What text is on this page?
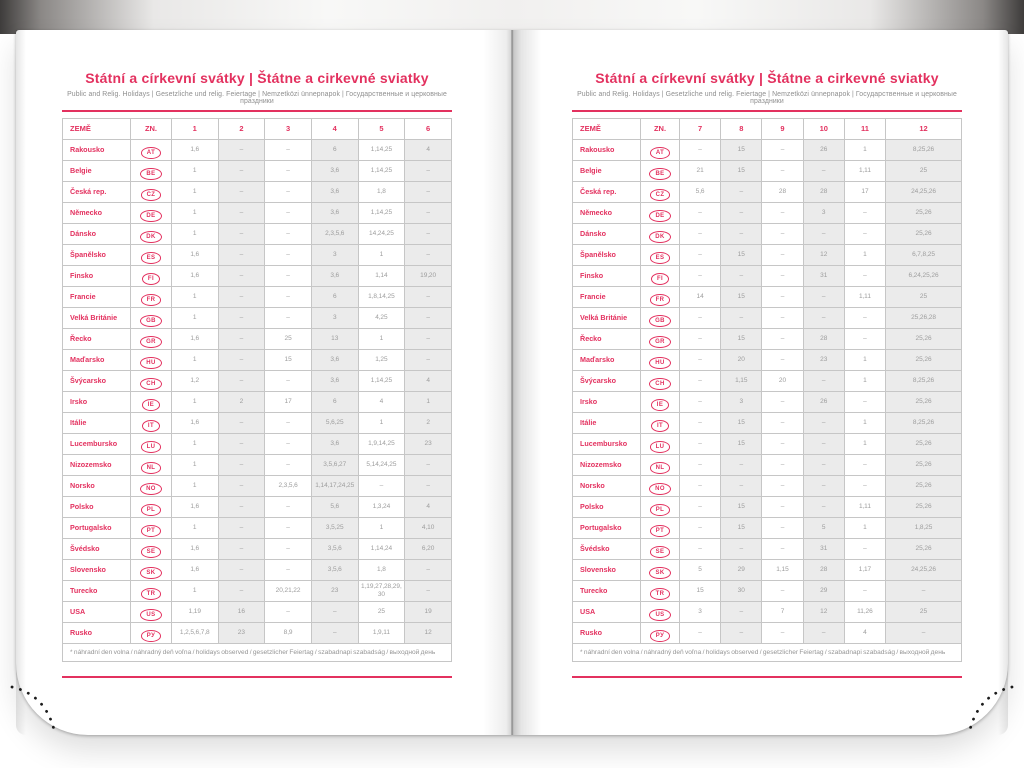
Státní a církevní svátky | Štátne a cirkevné sviatky
Public and Relig. Holidays | Gesetzliche und relig. Feiertage | Nemzetközi ünnepnapok | Государственные и церковные праздники
ZEMĚ	ZN.	1	2	3	4	5	6
Rakousko	AT	1, 6	–	–	6	1, 14, 25	4
Belgie	BE	1	–	–	3, 6	1, 14, 25	–
Česká rep.	CZ	1	–	–	3, 6	1, 8	–
Německo	DE	1	–	–	3, 6	1, 14, 25	–
Dánsko	DK	1	–	–	2, 3, 5, 6	14, 24, 25	–
Španělsko	ES	1, 6	–	–	3	1	–
Finsko	FI	1, 6	–	–	3, 6	1, 14	19, 20
Francie	FR	1	–	–	6	1, 8, 14, 25	–
Velká Británie	GB	1	–	–	3	4, 25	–
Řecko	GR	1, 6	–	25	13	1	–
Maďarsko	HU	1	–	15	3, 6	1, 25	–
Švýcarsko	CH	1, 2	–	–	3, 6	1, 14, 25	4
Irsko	IE	1	2	17	6	4	1
Itálie	IT	1, 6	–	–	5, 6, 25	1	2
Lucembursko	LU	1	–	–	3, 6	1, 9, 14, 25	23
Nizozemsko	NL	1	–	–	3, 5, 6, 27	5, 14, 24, 25	–
Norsko	NO	1	–	2, 3, 5, 6	1, 14, 17, 24, 25	–	–
Polsko	PL	1, 6	–	–	5, 6	1, 3, 24	4
Portugalsko	PT	1	–	–	3, 5, 25	1	4, 10
Švédsko	SE	1, 6	–	–	3, 5, 6	1, 14, 24	6, 20
Slovensko	SK	1, 6	–	–	3, 5, 6	1, 8	–
Turecko	TR	1	–	20, 21, 22	23	1, 19, 27, 28, 29, 30	–
USA	US	1, 19	16	–	–	25	19
Rusko	РУ	1, 2, 5, 6, 7, 8	23	8, 9	–	1, 9, 11	12
* náhradní den volna / náhradný deň voľna / holidays observed / gesetzlicher Feiertag / szabadnapi szabadság / выходной день							
Státní a církevní svátky | Štátne a cirkevné sviatky
Public and Relig. Holidays | Gesetzliche und relig. Feiertage | Nemzetközi ünnepnapok | Государственные и церковные праздники
ZEMĚ	ZN.	7	8	9	10	11	12
Rakousko	AT	–	15	–	26	1	8, 25, 26
Belgie	BE	21	15	–	–	1, 11	25
Česká rep.	CZ	5, 6	–	28	28	17	24, 25, 26
Německo	DE	–	–	–	3	–	25, 26
Dánsko	DK	–	–	–	–	–	25, 26
Španělsko	ES	–	15	–	12	1	6, 7, 8, 25
Finsko	FI	–	–	–	31	–	6, 24, 25, 26
Francie	FR	14	15	–	–	1, 11	25
Velká Británie	GB	–	–	–	–	–	25, 26, 28
Řecko	GR	–	15	–	28	–	25, 26
Maďarsko	HU	–	20	–	23	1	25, 26
Švýcarsko	CH	–	1, 15	20	–	1	8, 25, 26
Irsko	IE	–	3	–	26	–	25, 26
Itálie	IT	–	15	–	–	1	8, 25, 26
Lucembursko	LU	–	15	–	–	1	25, 26
Nizozemsko	NL	–	–	–	–	–	25, 26
Norsko	NO	–	–	–	–	–	25, 26
Polsko	PL	–	15	–	–	1, 11	25, 26
Portugalsko	PT	–	15	–	5	1	1, 8, 25
Švédsko	SE	–	–	–	31	–	25, 26
Slovensko	SK	5	29	1, 15	28	1, 17	24, 25, 26
Turecko	TR	15	30	–	29	–	–
USA	US	3	–	7	12	11, 26	25
Rusko	РУ	–	–	–	–	4	–
* náhradní den volna / náhradný deň voľna / holidays observed / gesetzlicher Feiertag / szabadnapi szabadság / выходной день							
